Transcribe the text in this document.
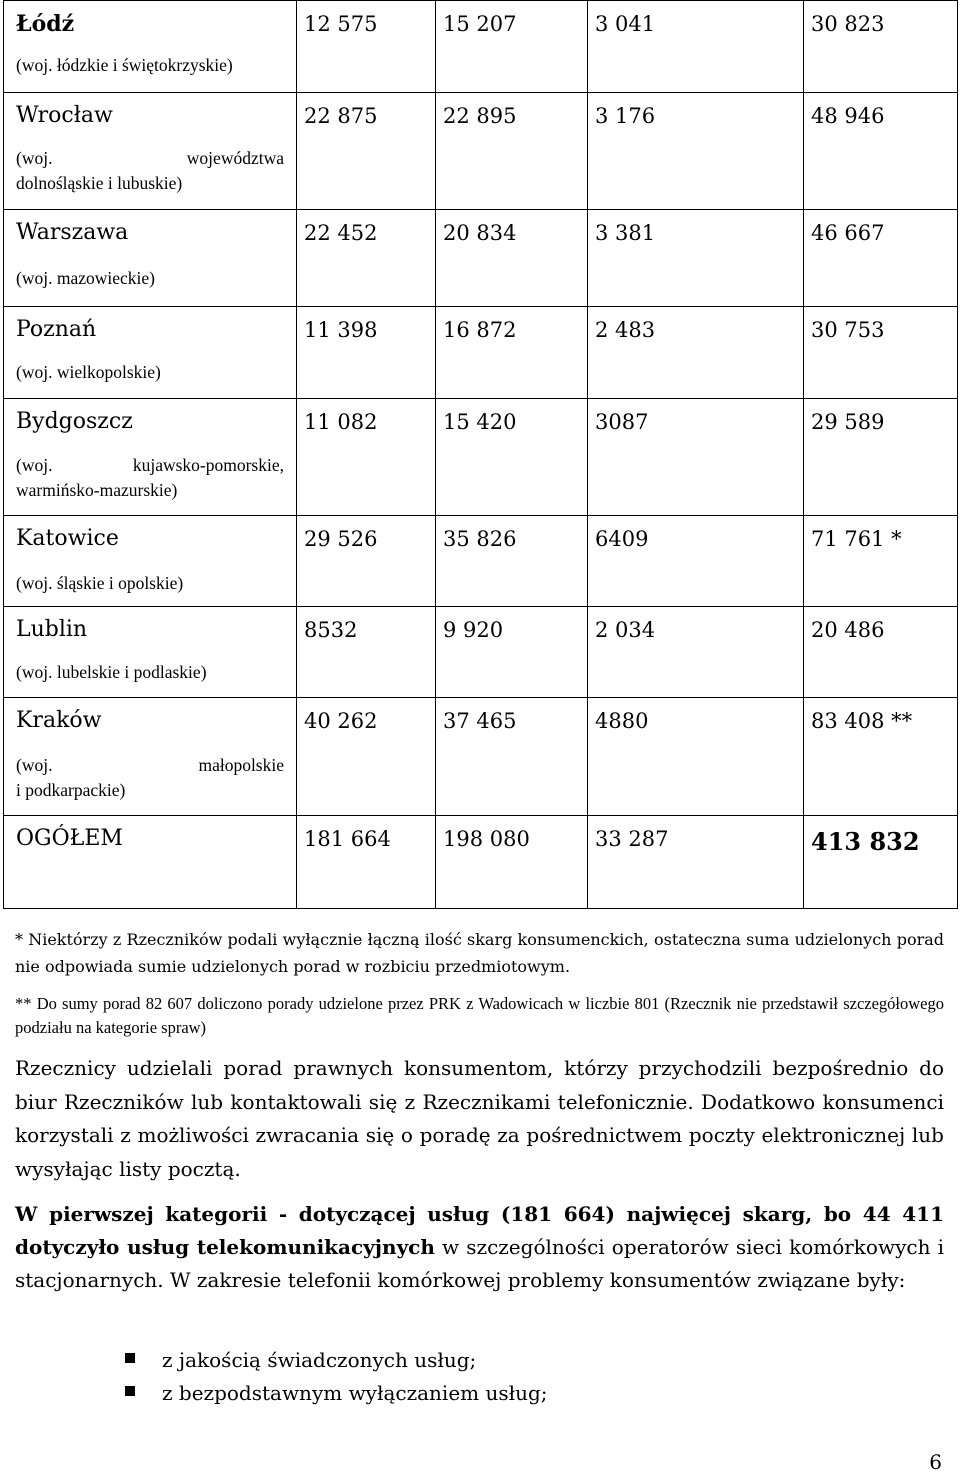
Łódź
(woj. łódzkie i świętokrzyskie)	12 575	15 207	3 041	30 823

Wrocław
(woj. województwa
dolnośląskie i lubuskie)	22 875	22 895	3 176	48 946

Warszawa
(woj. mazowieckie)	22 452	20 834	3 381	46 667

Poznań
(woj. wielkopolskie)	11 398	16 872	2 483	30 753

Bydgoszcz
(woj. kujawsko-pomorskie,
warmińsko-mazurskie)	11 082	15 420	3087	29 589

Katowice
(woj. śląskie i opolskie)	29 526	35 826	6409	71 761 *

Lublin
(woj. lubelskie i podlaskie)	8532	9 920	2 034	20 486

Kraków
(woj. małopolskie
i podkarpackie)	40 262	37 465	4880	83 408 **

OGÓŁEM	181 664	198 080	33 287	413 832
* Niektórzy z Rzeczników podali wyłącznie łączną ilość skarg konsumenckich, ostateczna suma udzielonych porad nie odpowiada sumie udzielonych porad w rozbiciu przedmiotowym.
** Do sumy porad 82 607 doliczono porady udzielone przez PRK z Wadowicach w liczbie 801 (Rzecznik nie przedstawił szczegółowego podziału na kategorie spraw)
Rzecznicy udzielali porad prawnych konsumentom, którzy przychodzili bezpośrednio do biur Rzeczników lub kontaktowali się z Rzecznikami telefonicznie. Dodatkowo konsumenci korzystali z możliwości zwracania się o poradę za pośrednictwem poczty elektronicznej lub wysyłając listy pocztą.
W pierwszej kategorii - dotyczącej usług (181 664) najwięcej skarg, bo 44 411 dotyczyło usług telekomunikacyjnych w szczególności operatorów sieci komórkowych i stacjonarnych. W zakresie telefonii komórkowej problemy konsumentów związane były:
z jakością świadczonych usług;
z bezpodstawnym wyłączaniem usług;
6
